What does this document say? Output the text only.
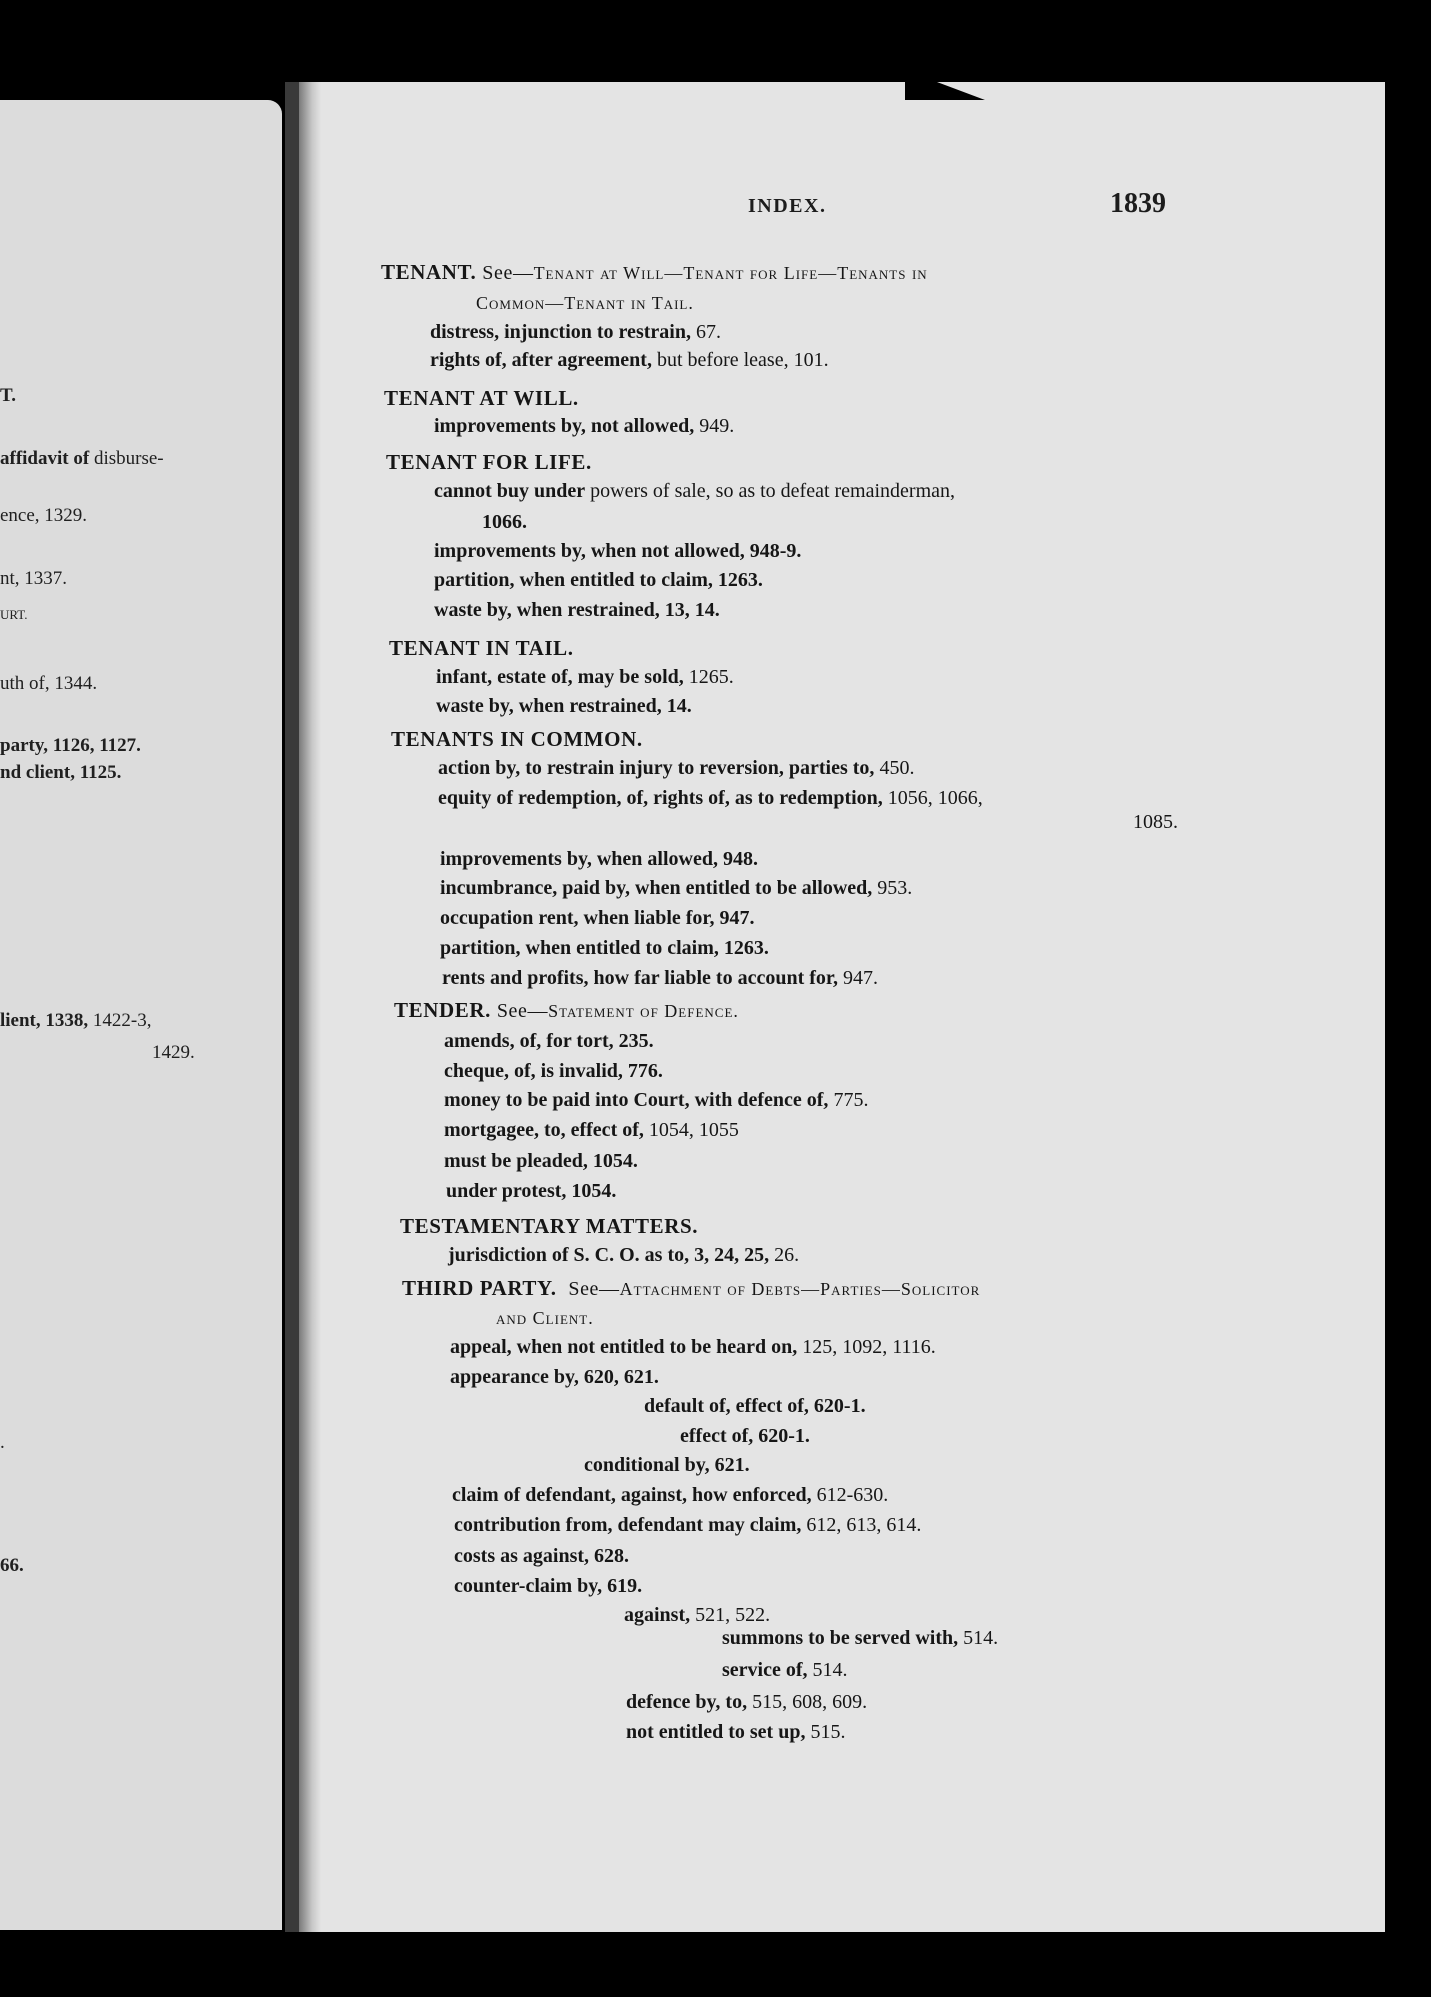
T.
affidavit of disburse-
ence, 1329.
nt, 1337.
URT.
uth of, 1344.
party, 1126, 1127.
nd client, 1125.
lient, 1338, 1422-3,
1429.
.
66.
INDEX.	1839
TENANT. See—Tenant at Will—Tenant for Life—Tenants in
Common—Tenant in Tail.
distress, injunction to restrain, 67.
rights of, after agreement, but before lease, 101.
TENANT AT WILL.
improvements by, not allowed, 949.
TENANT FOR LIFE.
cannot buy under powers of sale, so as to defeat remainderman,
1066.
improvements by, when not allowed, 948-9.
partition, when entitled to claim, 1263.
waste by, when restrained, 13, 14.
TENANT IN TAIL.
infant, estate of, may be sold, 1265.
waste by, when restrained, 14.
TENANTS IN COMMON.
action by, to restrain injury to reversion, parties to, 450.
equity of redemption, of, rights of, as to redemption, 1056, 1066,
1085.
improvements by, when allowed, 948.
incumbrance, paid by, when entitled to be allowed, 953.
occupation rent, when liable for, 947.
partition, when entitled to claim, 1263.
rents and profits, how far liable to account for, 947.
TENDER. See—Statement of Defence.
amends, of, for tort, 235.
cheque, of, is invalid, 776.
money to be paid into Court, with defence of, 775.
mortgagee, to, effect of, 1054, 1055
must be pleaded, 1054.
under protest, 1054.
TESTAMENTARY MATTERS.
jurisdiction of S. C. O. as to, 3, 24, 25, 26.
THIRD PARTY. See—Attachment of Debts—Parties—Solicitor
and Client.
appeal, when not entitled to be heard on, 125, 1092, 1116.
appearance by, 620, 621.
default of, effect of, 620-1.
effect of, 620-1.
conditional by, 621.
claim of defendant, against, how enforced, 612-630.
contribution from, defendant may claim, 612, 613, 614.
costs as against, 628.
counter-claim by, 619.
against, 521, 522.
summons to be served with, 514.
service of, 514.
defence by, to, 515, 608, 609.
not entitled to set up, 515.
